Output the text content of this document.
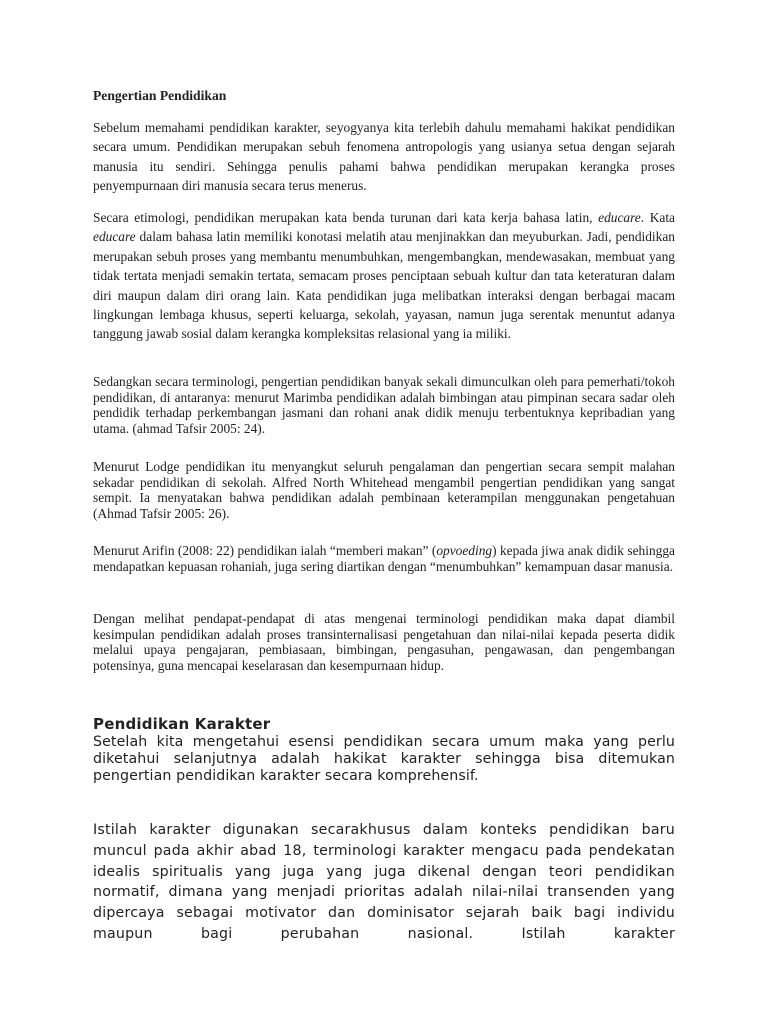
Pengertian Pendidikan

Sebelum memahami pendidikan karakter, seyogyanya kita terlebih dahulu memahami hakikat pendidikan secara umum. Pendidikan merupakan sebuh fenomena antropologis yang usianya setua dengan sejarah manusia itu sendiri. Sehingga penulis pahami bahwa pendidikan merupakan kerangka proses penyempurnaan diri manusia secara terus menerus.

Secara etimologi, pendidikan merupakan kata benda turunan dari kata kerja bahasa latin, educare. Kata educare dalam bahasa latin memiliki konotasi melatih atau menjinakkan dan meyuburkan. Jadi, pendidikan merupakan sebuh proses yang membantu menumbuhkan, mengembangkan, mendewasakan, membuat yang tidak tertata menjadi semakin tertata, semacam proses penciptaan sebuah kultur dan tata keteraturan dalam diri maupun dalam diri orang lain. Kata pendidikan juga melibatkan interaksi dengan berbagai macam lingkungan lembaga khusus, seperti keluarga, sekolah, yayasan, namun juga serentak menuntut adanya tanggung jawab sosial dalam kerangka kompleksitas relasional yang ia miliki.

Sedangkan secara terminologi, pengertian pendidikan banyak sekali dimunculkan oleh para pemerhati/tokoh pendidikan, di antaranya: menurut Marimba pendidikan adalah bimbingan atau pimpinan secara sadar oleh pendidik terhadap perkembangan jasmani dan rohani anak didik menuju terbentuknya kepribadian yang utama. (ahmad Tafsir 2005: 24).

Menurut Lodge pendidikan itu menyangkut seluruh pengalaman dan pengertian secara sempit malahan sekadar pendidikan di sekolah. Alfred North Whitehead mengambil pengertian pendidikan yang sangat sempit. Ia menyatakan bahwa pendidikan adalah pembinaan keterampilan menggunakan pengetahuan (Ahmad Tafsir 2005: 26).

Menurut Arifin (2008: 22) pendidikan ialah “memberi makan” (opvoeding) kepada jiwa anak didik sehingga mendapatkan kepuasan rohaniah, juga sering diartikan dengan “menumbuhkan” kemampuan dasar manusia.

Dengan melihat pendapat-pendapat di atas mengenai terminologi pendidikan maka dapat diambil kesimpulan pendidikan adalah proses transinternalisasi pengetahuan dan nilai-nilai kepada peserta didik melalui upaya pengajaran, pembiasaan, bimbingan, pengasuhan, pengawasan, dan pengembangan potensinya, guna mencapai keselarasan dan kesempurnaan hidup.

Pendidikan Karakter

Setelah kita mengetahui esensi pendidikan secara umum maka yang perlu diketahui selanjutnya adalah hakikat karakter sehingga bisa ditemukan pengertian pendidikan karakter secara komprehensif.

Istilah karakter digunakan secarakhusus dalam konteks pendidikan baru muncul pada akhir abad 18, terminologi karakter mengacu pada pendekatan idealis spiritualis yang juga yang juga dikenal dengan teori pendidikan normatif, dimana yang menjadi prioritas adalah nilai-nilai transenden yang dipercaya sebagai motivator dan dominisator sejarah baik bagi individu maupun bagi perubahan nasional. Istilah karakter
